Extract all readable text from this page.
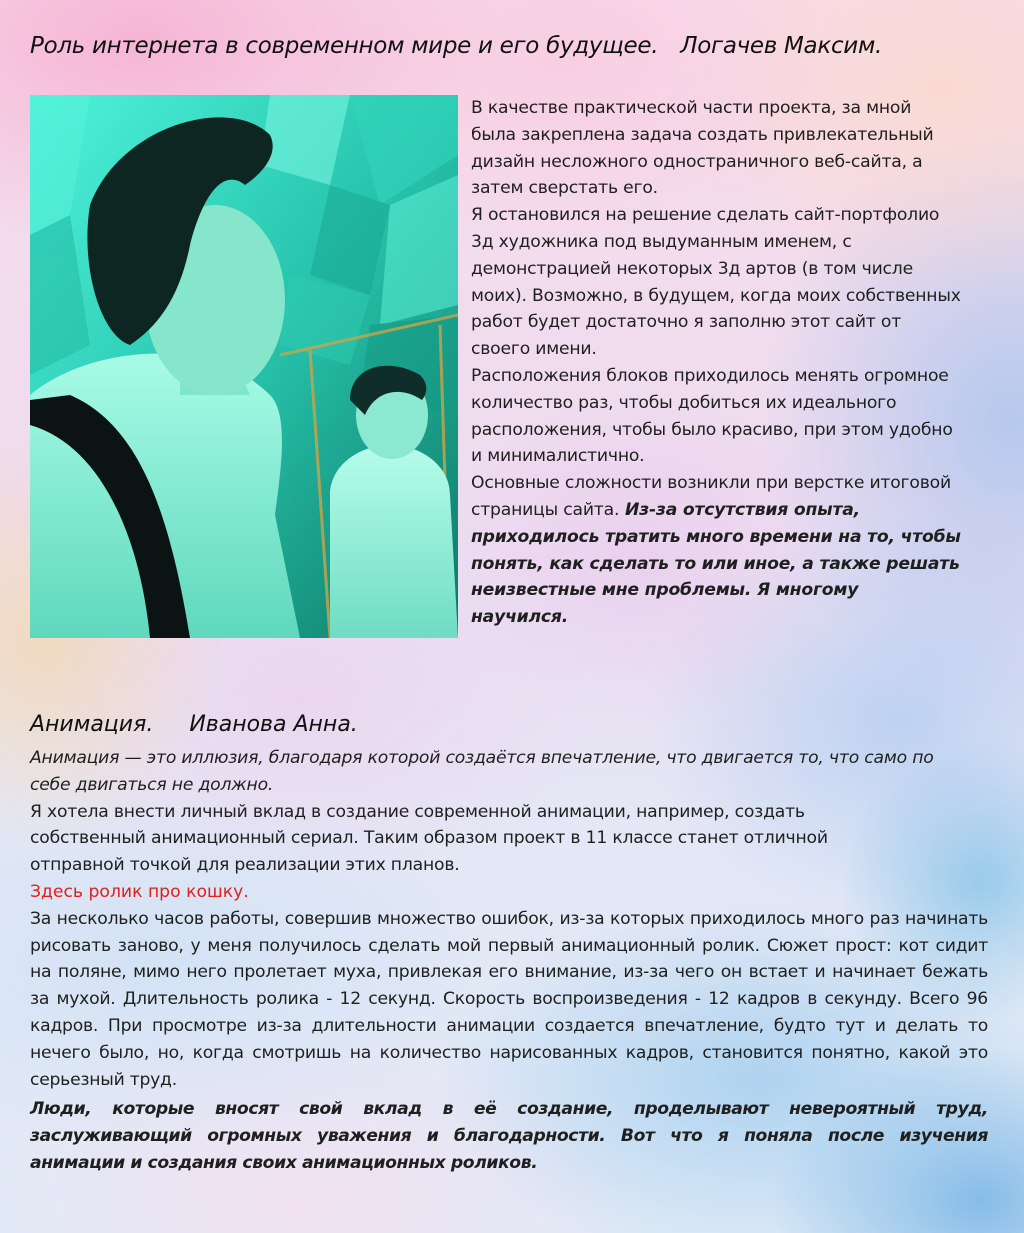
Роль интернета в современном мире и его будущее. Логачев Максим.

В качестве практической части проекта, за мной была закреплена задача создать привлекательный дизайн несложного одностраничного веб-сайта, а затем сверстать его.

Я остановился на решение сделать сайт-портфолио 3д художника под выдуманным именем, с демонстрацией некоторых 3д артов (в том числе моих). Возможно, в будущем, когда моих собственных работ будет достаточно я заполню этот сайт от своего имени.

Расположения блоков приходилось менять огромное количество раз, чтобы добиться их идеального расположения, чтобы было красиво, при этом удобно и минималистично.

Основные сложности возникли при верстке итоговой страницы сайта. Из-за отсутствия опыта, приходилось тратить много времени на то, чтобы понять, как сделать то или иное, а также решать неизвестные мне проблемы. Я многому научился.

Анимация. Иванова Анна.

Анимация — это иллюзия, благодаря которой создаётся впечатление, что двигается то, что само по себе двигаться не должно.

Я хотела внести личный вклад в создание современной анимации, например, создать собственный анимационный сериал. Таким образом проект в 11 классе станет отличной отправной точкой для реализации этих планов.

Здесь ролик про кошку.

За несколько часов работы, совершив множество ошибок, из-за которых приходилось много раз начинать рисовать заново, у меня получилось сделать мой первый анимационный ролик. Сюжет прост: кот сидит на поляне, мимо него пролетает муха, привлекая его внимание, из-за чего он встает и начинает бежать за мухой. Длительность ролика - 12 секунд. Скорость воспроизведения - 12 кадров в секунду. Всего 96 кадров. При просмотре из-за длительности анимации создается впечатление, будто тут и делать то нечего было, но, когда смотришь на количество нарисованных кадров, становится понятно, какой это серьезный труд.

Люди, которые вносят свой вклад в её создание, проделывают невероятный труд, заслуживающий огромных уважения и благодарности. Вот что я поняла после изучения анимации и создания своих анимационных роликов.
